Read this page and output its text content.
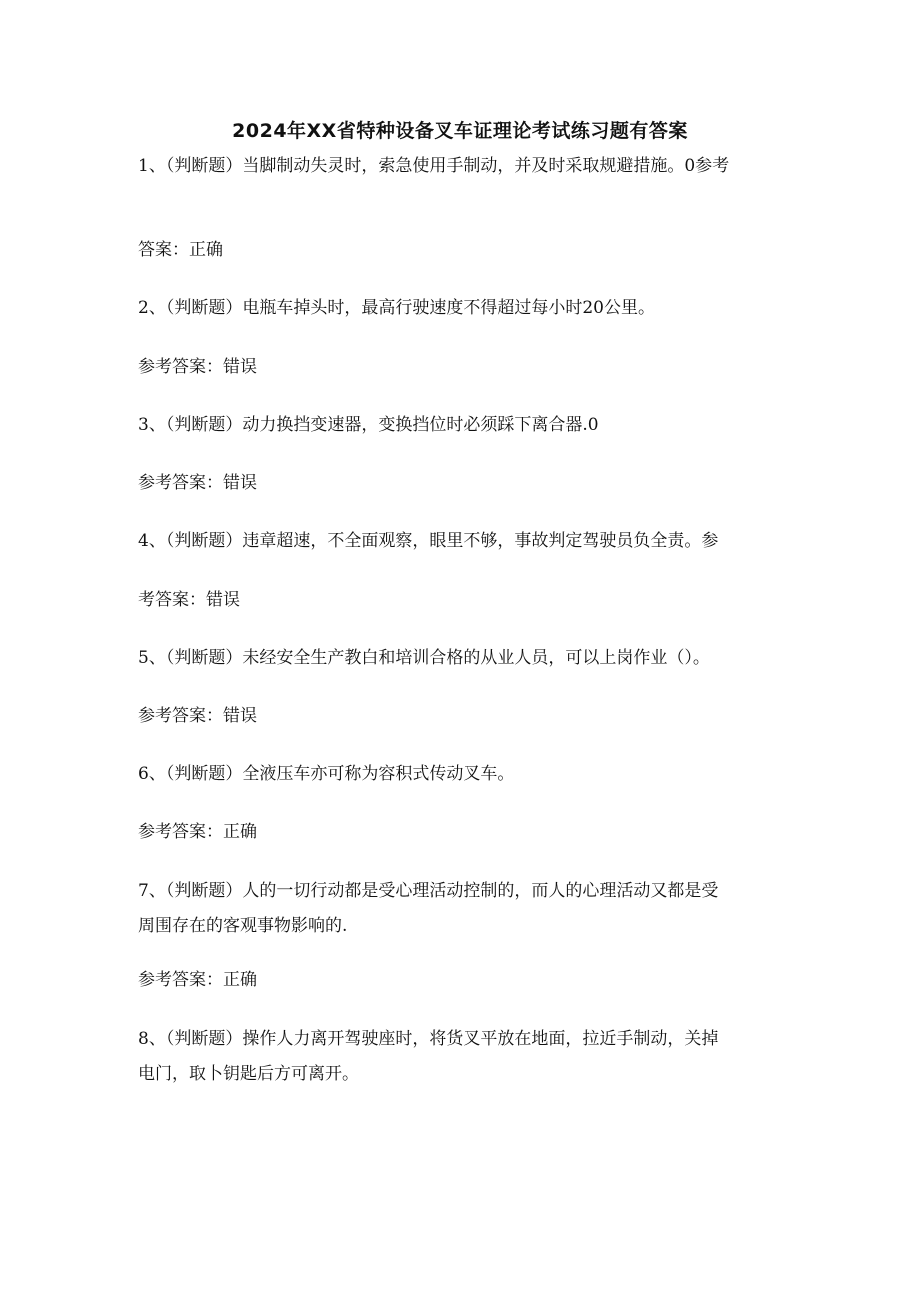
2024年XX省特种设备叉车证理论考试练习题有答案
1、（判断题）当脚制动失灵时，索急使用手制动，并及时采取规避措施。0参考
答案：正确
2、（判断题）电瓶车掉头时，最高行驶速度不得超过每小时20公里。
参考答案：错误
3、（判断题）动力换挡变速器，变换挡位时必须踩下离合器.0
参考答案：错误
4、（判断题）违章超速，不全面观察，眼里不够，事故判定驾驶员负全责。参
考答案：错误
5、（判断题）未经安全生产教白和培训合格的从业人员，可以上岗作业（）。
参考答案：错误
6、（判断题）全液压车亦可称为容积式传动叉车。
参考答案：正确
7、（判断题）人的一切行动都是受心理活动控制的，而人的心理活动又都是受
周围存在的客观事物影响的.
参考答案：正确
8、（判断题）操作人力离开驾驶座时，将货叉平放在地面，拉近手制动，关掉
电门，取卜钥匙后方可离开。
